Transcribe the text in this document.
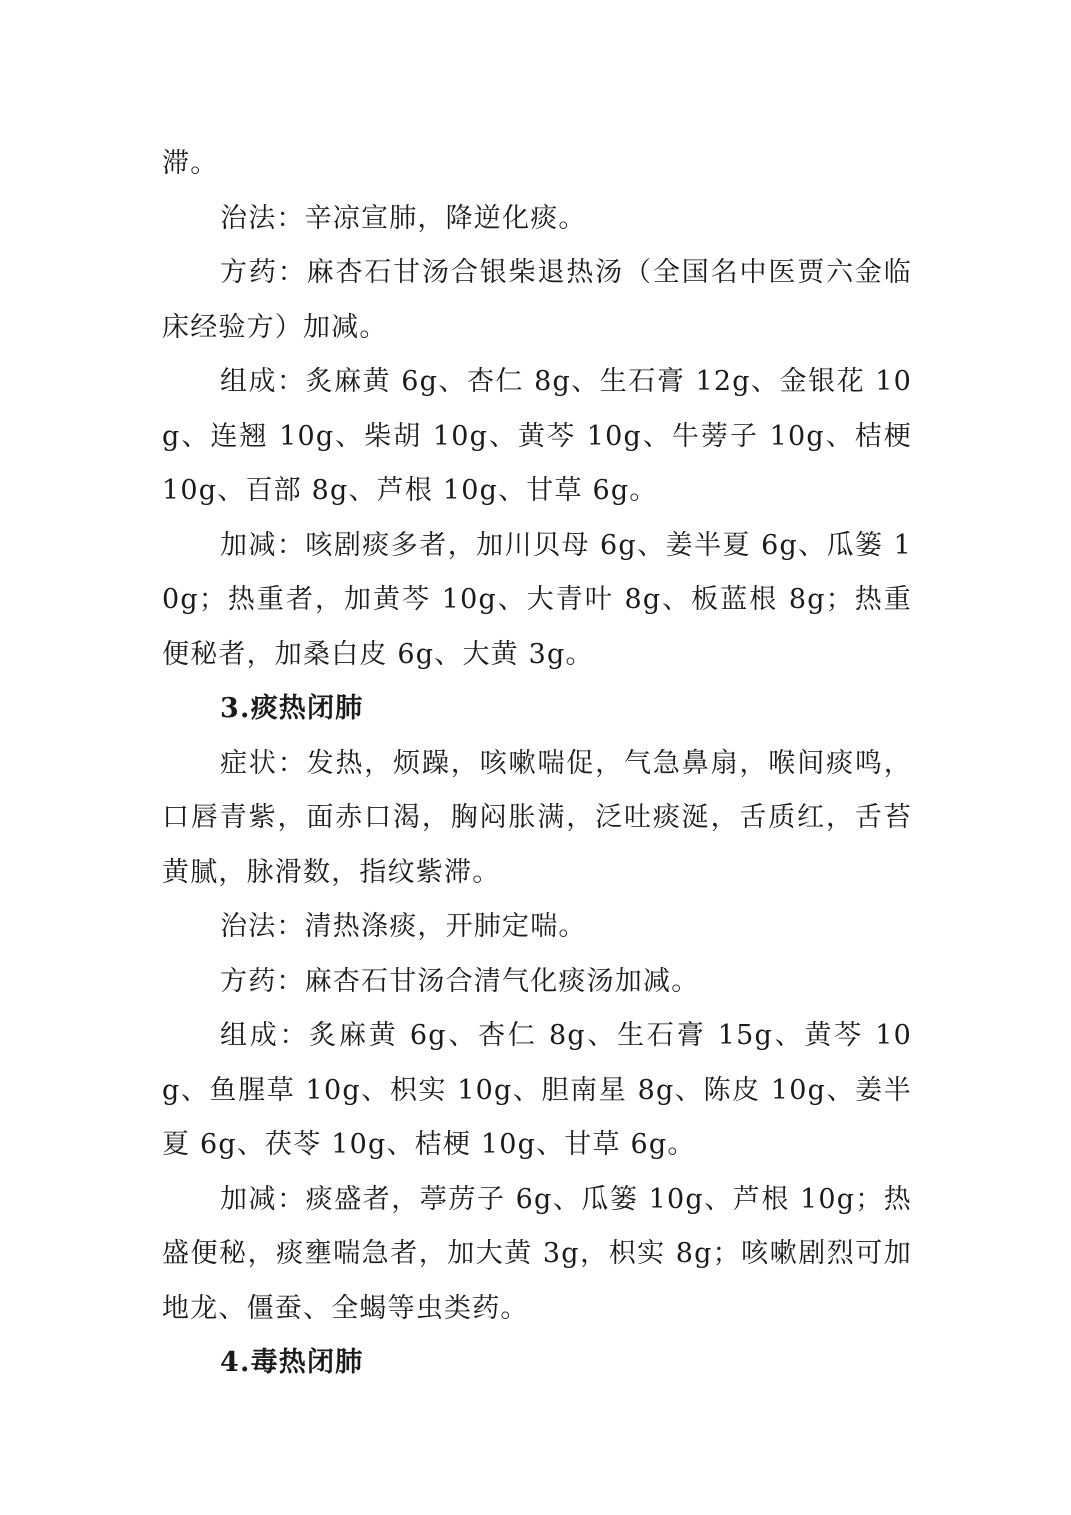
滞。

治法：辛凉宣肺，降逆化痰。

方药：麻杏石甘汤合银柴退热汤（全国名中医贾六金临床经验方）加减。

组成：炙麻黄 6g、杏仁 8g、生石膏 12g、金银花 10g、连翘 10g、柴胡 10g、黄芩 10g、牛蒡子 10g、桔梗 10g、百部 8g、芦根 10g、甘草 6g。

加减：咳剧痰多者，加川贝母 6g、姜半夏 6g、瓜篓 10g；热重者，加黄芩 10g、大青叶 8g、板蓝根 8g；热重便秘者，加桑白皮 6g、大黄 3g。

3.痰热闭肺

症状：发热，烦躁，咳嗽喘促，气急鼻扇，喉间痰鸣，口唇青紫，面赤口渴，胸闷胀满，泛吐痰涎，舌质红，舌苔黄腻，脉滑数，指纹紫滞。

治法：清热涤痰，开肺定喘。

方药：麻杏石甘汤合清气化痰汤加减。

组成：炙麻黄 6g、杏仁 8g、生石膏 15g、黄芩 10g、鱼腥草 10g、枳实 10g、胆南星 8g、陈皮 10g、姜半夏 6g、茯苓 10g、桔梗 10g、甘草 6g。

加减：痰盛者，葶苈子 6g、瓜篓 10g、芦根 10g；热盛便秘，痰壅喘急者，加大黄 3g，枳实 8g；咳嗽剧烈可加地龙、僵蚕、全蝎等虫类药。

4.毒热闭肺
